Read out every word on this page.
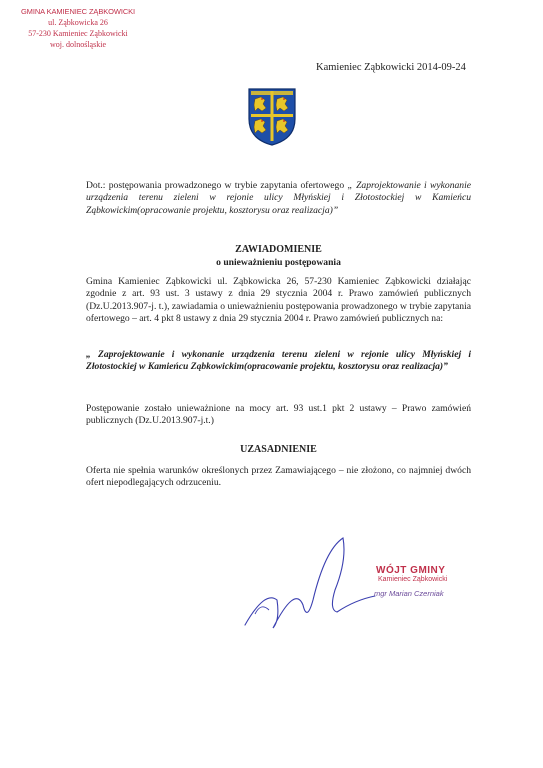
GMINA KAMIENIEC ZĄBKOWICKI
ul. Ząbkowicka 26
57-230 Kamieniec Ząbkowicki
woj. dolnośląskie
Kamieniec Ząbkowicki 2014-09-24
Dot.: postępowania prowadzonego w trybie zapytania ofertowego „ Zaprojektowanie i wykonanie urządzenia terenu zieleni w rejonie ulicy Młyńskiej i Złotostockiej w Kamieńcu Ząbkowickim(opracowanie projektu, kosztorysu oraz realizacja)”
ZAWIADOMIENIE
o unieważnieniu postępowania
Gmina Kamieniec Ząbkowicki ul. Ząbkowicka 26, 57-230 Kamieniec Ząbkowicki działając zgodnie z art. 93 ust. 3 ustawy z dnia 29 stycznia 2004 r. Prawo zamówień publicznych (Dz.U.2013.907-j. t.), zawiadamia o unieważnieniu postępowania prowadzonego w trybie zapytania ofertowego – art. 4 pkt 8 ustawy z dnia 29 stycznia 2004 r. Prawo zamówień publicznych na:
„ Zaprojektowanie i wykonanie urządzenia terenu zieleni w rejonie ulicy Młyńskiej i Złotostockiej w Kamieńcu Ząbkowickim(opracowanie projektu, kosztorysu oraz realizacja)”
Postępowanie zostało unieważnione na mocy art. 93 ust.1 pkt 2 ustawy – Prawo zamówień publicznych (Dz.U.2013.907-j.t.)
UZASADNIENIE
Oferta nie spełnia warunków określonych przez Zamawiającego – nie złożono, co najmniej dwóch ofert niepodlegających odrzuceniu.
WÓJT GMINY
Kamieniec Ząbkowicki
mgr Marian Czerniak
